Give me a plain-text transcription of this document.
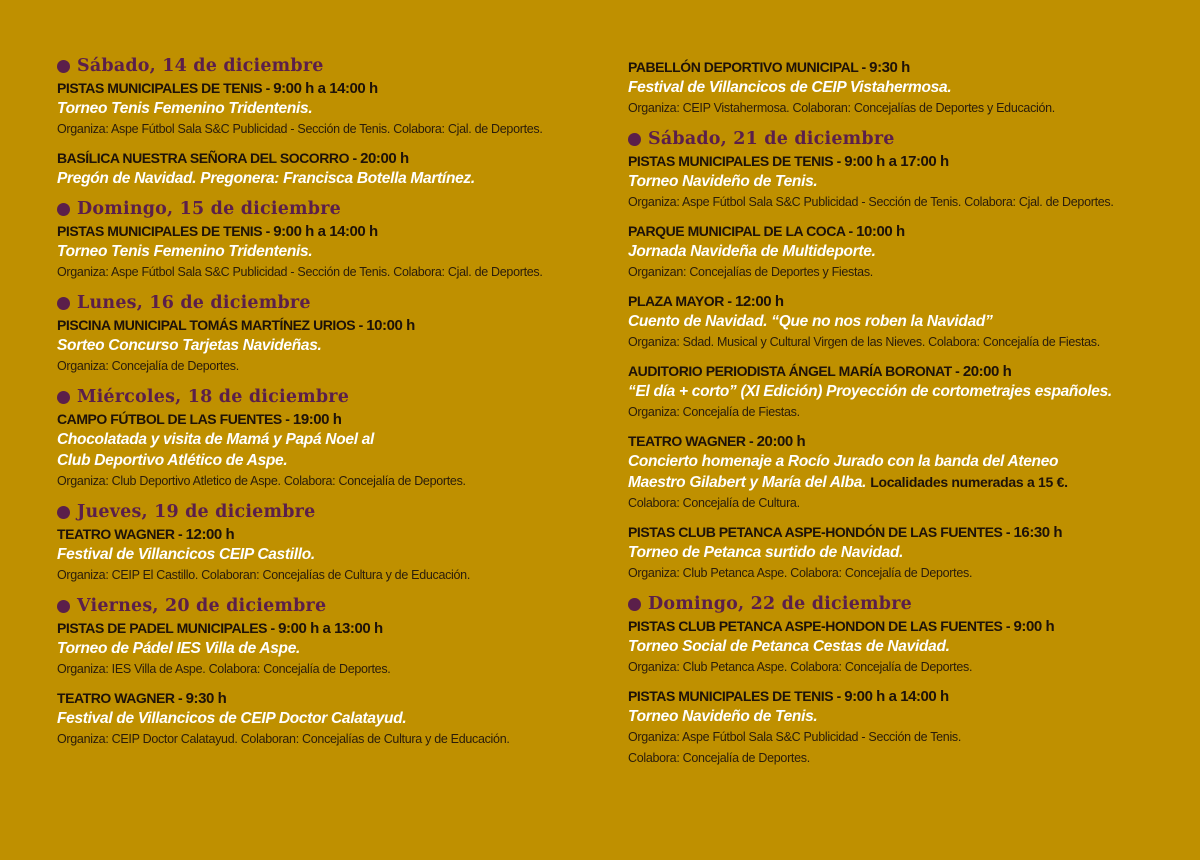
Sábado, 14 de diciembre
PISTAS MUNICIPALES DE TENIS - 9:00 h a 14:00 h
Torneo Tenis Femenino Tridentenis.
Organiza: Aspe Fútbol Sala S&C Publicidad - Sección de Tenis. Colabora: Cjal. de Deportes.
BASÍLICA NUESTRA SEÑORA DEL SOCORRO - 20:00 h
Pregón de Navidad. Pregonera: Francisca Botella Martínez.
Domingo, 15 de diciembre
PISTAS MUNICIPALES DE TENIS - 9:00 h a 14:00 h
Torneo Tenis Femenino Tridentenis.
Organiza: Aspe Fútbol Sala S&C Publicidad - Sección de Tenis. Colabora: Cjal. de Deportes.
Lunes, 16 de diciembre
PISCINA MUNICIPAL TOMÁS MARTÍNEZ URIOS - 10:00 h
Sorteo Concurso Tarjetas Navideñas.
Organiza: Concejalía de Deportes.
Miércoles, 18 de diciembre
CAMPO FÚTBOL DE LAS FUENTES - 19:00 h
Chocolatada y visita de Mamá y Papá Noel al
Club Deportivo Atlético de Aspe.
Organiza: Club Deportivo Atletico de Aspe. Colabora: Concejalía de Deportes.
Jueves, 19 de diciembre
TEATRO WAGNER - 12:00 h
Festival de Villancicos CEIP Castillo.
Organiza: CEIP El Castillo. Colaboran: Concejalías de Cultura y de Educación.
Viernes, 20 de diciembre
PISTAS DE PADEL MUNICIPALES - 9:00 h a 13:00 h
Torneo de Pádel IES Villa de Aspe.
Organiza: IES Villa de Aspe. Colabora: Concejalía de Deportes.
TEATRO WAGNER - 9:30 h
Festival de Villancicos de CEIP Doctor Calatayud.
Organiza: CEIP Doctor Calatayud. Colaboran: Concejalías de Cultura y de Educación.
PABELLÓN DEPORTIVO MUNICIPAL - 9:30 h
Festival de Villancicos de CEIP Vistahermosa.
Organiza: CEIP Vistahermosa. Colaboran: Concejalías de Deportes y Educación.
Sábado, 21 de diciembre
PISTAS MUNICIPALES DE TENIS - 9:00 h a 17:00 h
Torneo Navideño de Tenis.
Organiza: Aspe Fútbol Sala S&C Publicidad - Sección de Tenis. Colabora: Cjal. de Deportes.
PARQUE MUNICIPAL DE LA COCA - 10:00 h
Jornada Navideña de Multideporte.
Organizan: Concejalías de Deportes y Fiestas.
PLAZA MAYOR - 12:00 h
Cuento de Navidad. “Que no nos roben la Navidad”
Organiza: Sdad. Musical y Cultural Virgen de las Nieves. Colabora: Concejalía de Fiestas.
AUDITORIO PERIODISTA ÁNGEL MARÍA BORONAT - 20:00 h
“El día + corto” (XI Edición) Proyección de cortometrajes españoles.
Organiza: Concejalía de Fiestas.
TEATRO WAGNER - 20:00 h
Concierto homenaje a Rocío Jurado con la banda del Ateneo
Maestro Gilabert y María del Alba. Localidades numeradas a 15 €.
Colabora: Concejalía de Cultura.
PISTAS CLUB PETANCA ASPE-HONDÓN DE LAS FUENTES - 16:30 h
Torneo de Petanca surtido de Navidad.
Organiza: Club Petanca Aspe. Colabora: Concejalía de Deportes.
Domingo, 22 de diciembre
PISTAS CLUB PETANCA ASPE-HONDON DE LAS FUENTES - 9:00 h
Torneo Social de Petanca Cestas de Navidad.
Organiza: Club Petanca Aspe. Colabora: Concejalía de Deportes.
PISTAS MUNICIPALES DE TENIS - 9:00 h a 14:00 h
Torneo Navideño de Tenis.
Organiza: Aspe Fútbol Sala S&C Publicidad - Sección de Tenis.
Colabora: Concejalía de Deportes.
